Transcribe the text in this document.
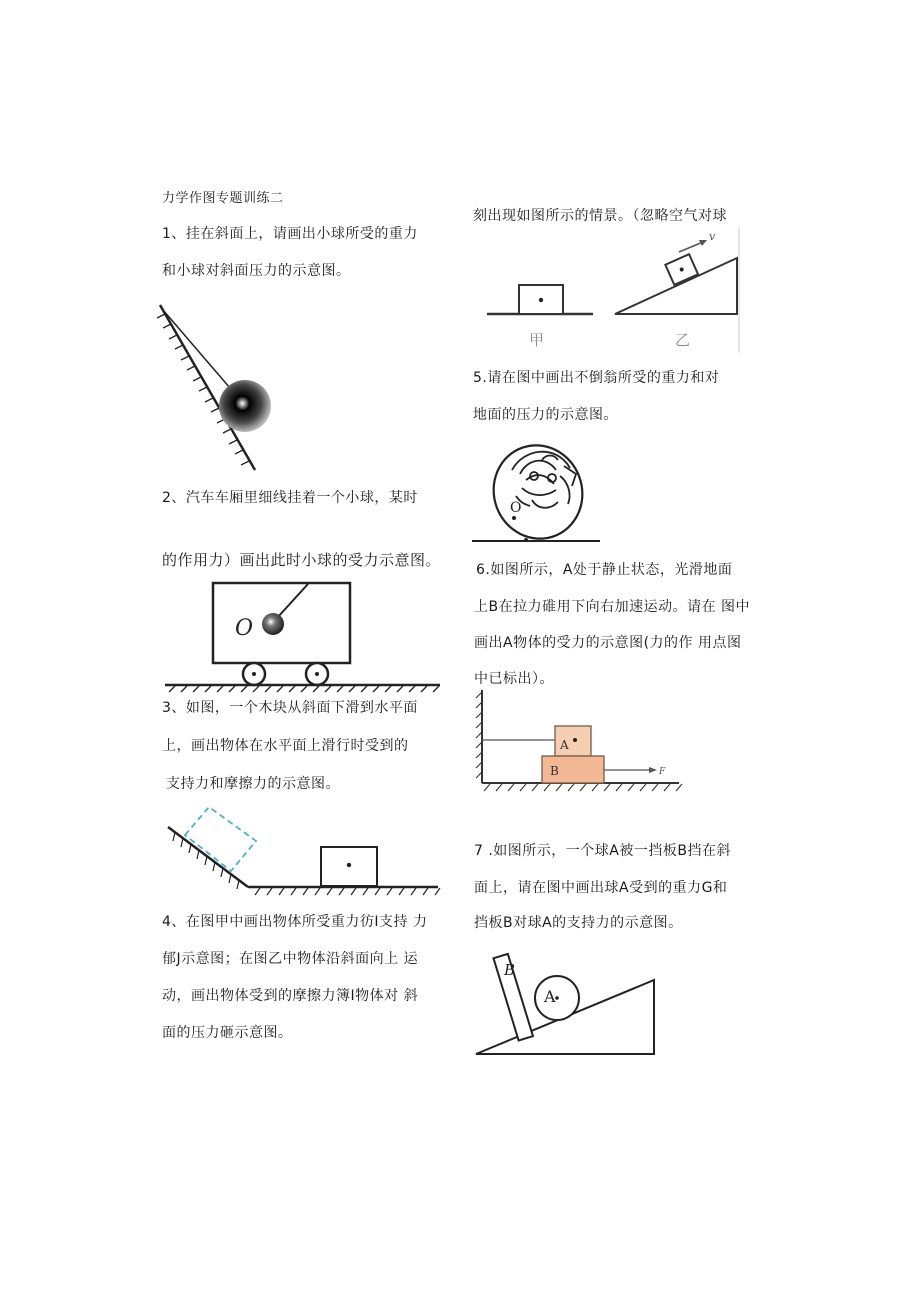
力学作图专题训练二
1、挂在斜面上，请画出小球所受的重力
和小球对斜面压力的示意图。
2、汽车车厢里细线挂着一个小球，某时
的作用力）画出此时小球的受力示意图。
O
3、如图，一个木块从斜面下滑到水平面
上，画出物体在水平面上滑行时受到的
支持力和摩擦力的示意图。
4、在图甲中画出物体所受重力彷I支持 力
郁J示意图；在图乙中物体沿斜面向上 运
动，画出物体受到的摩擦力簿I物体对 斜
面的压力砸示意图。
刻出现如图所示的情景。（忽略空气对球
甲
v
乙
5.请在图中画出不倒翁所受的重力和对
地面的压力的示意图。
O
6.如图所示，A处于静止状态，光滑地面
上B在拉力碓用下向右加速运动。请在 图中
画出A物体的受力的示意图(力的作 用点图
中已标出）。
A
B	F
7 .如图所示，一个球A被一挡板B挡在斜
面上，请在图中画出球A受到的重力G和
挡板B对球A的支持力的示意图。
B
A
